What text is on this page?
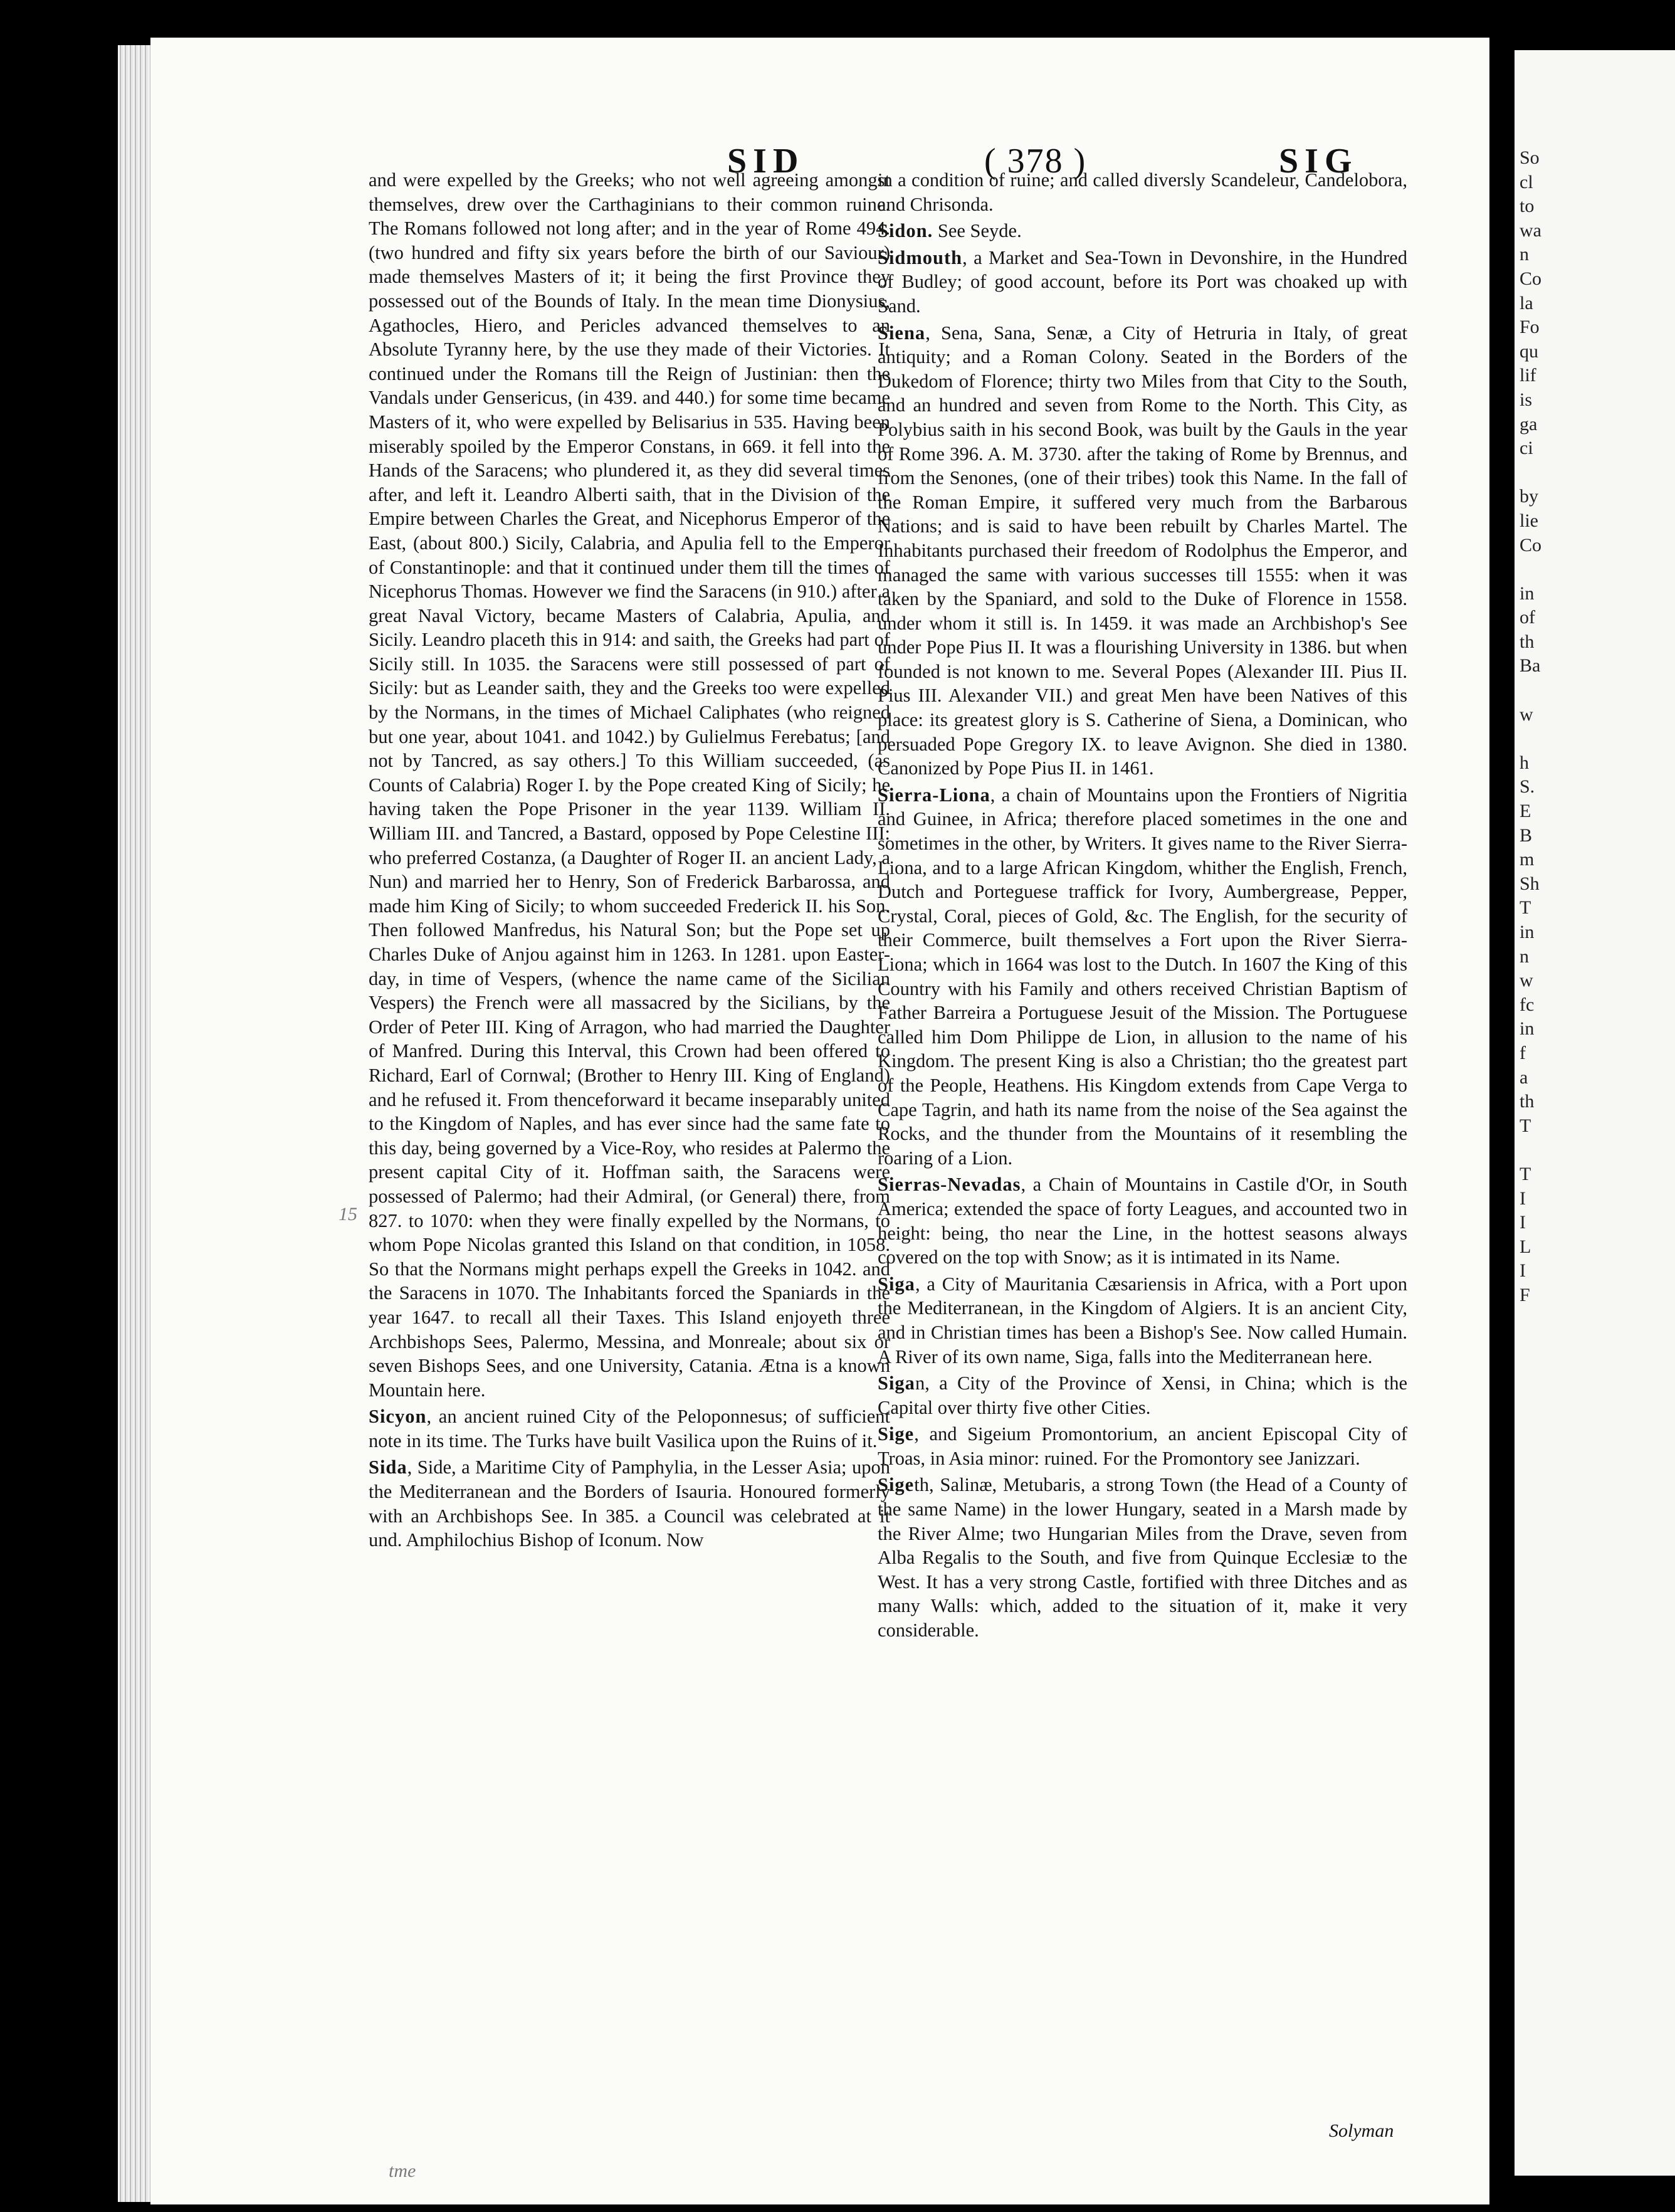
SID	( 378 )	SIG

and were expelled by the Greeks; who not well agreeing amongst themselves, drew over the Carthaginians to their common ruine. The Romans followed not long after; and in the year of Rome 494. (two hundred and fifty six years before the birth of our Saviour) made themselves Masters of it; it being the first Province they possessed out of the Bounds of Italy. In the mean time Dionysius, Agathocles, Hiero, and Pericles advanced themselves to an Absolute Tyranny here, by the use they made of their Victories. It continued under the Romans till the Reign of Justinian: then the Vandals under Gensericus, (in 439. and 440.) for some time became Masters of it, who were expelled by Belisarius in 535. Having been miserably spoiled by the Emperor Constans, in 669. it fell into the Hands of the Saracens; who plundered it, as they did several times after, and left it. Leandro Alberti saith, that in the Division of the Empire between Charles the Great, and Nicephorus Emperor of the East, (about 800.) Sicily, Calabria, and Apulia fell to the Emperor of Constantinople: and that it continued under them till the times of Nicephorus Thomas. However we find the Saracens (in 910.) after a great Naval Victory, became Masters of Calabria, Apulia, and Sicily. Leandro placeth this in 914: and saith, the Greeks had part of Sicily still. In 1035. the Saracens were still possessed of part of Sicily: but as Leander saith, they and the Greeks too were expelled by the Normans, in the times of Michael Caliphates (who reigned but one year, about 1041. and 1042.) by Gulielmus Ferebatus; [and not by Tancred, as say others.] To this William succeeded, (as Counts of Calabria) Roger I. by the Pope created King of Sicily; he having taken the Pope Prisoner in the year 1139. William II. William III. and Tancred, a Bastard, opposed by Pope Celestine III: who preferred Costanza, (a Daughter of Roger II. an ancient Lady, a Nun) and married her to Henry, Son of Frederick Barbarossa, and made him King of Sicily; to whom succeeded Frederick II. his Son. Then followed Manfredus, his Natural Son; but the Pope set up Charles Duke of Anjou against him in 1263. In 1281. upon Easter-day, in time of Vespers, (whence the name came of the Sicilian Vespers) the French were all massacred by the Sicilians, by the Order of Peter III. King of Arragon, who had married the Daughter of Manfred. During this Interval, this Crown had been offered to Richard, Earl of Cornwal; (Brother to Henry III. King of England) and he refused it. From thenceforward it became inseparably united to the Kingdom of Naples, and has ever since had the same fate to this day, being governed by a Vice-Roy, who resides at Palermo the present capital City of it. Hoffman saith, the Saracens were possessed of Palermo; had their Admiral, (or General) there, from 827. to 1070: when they were finally expelled by the Normans, to whom Pope Nicolas granted this Island on that condition, in 1058. So that the Normans might perhaps expell the Greeks in 1042. and the Saracens in 1070. The Inhabitants forced the Spaniards in the year 1647. to recall all their Taxes. This Island enjoyeth three Archbishops Sees, Palermo, Messina, and Monreale; about six or seven Bishops Sees, and one University, Catania. Ætna is a known Mountain here.

Sicyon, an ancient ruined City of the Peloponnesus; of sufficient note in its time. The Turks have built Vasilica upon the Ruins of it.

Sida, Side, a Maritime City of Pamphylia, in the Lesser Asia; upon the Mediterranean and the Borders of Isauria. Honoured formerly with an Archbishops See. In 385. a Council was celebrated at it und. Amphilochius Bishop of Iconum. Now

in a condition of ruine; and called diversly Scandeleur, Candelobora, and Chrisonda.

Sidon. See Seyde.

Sidmouth, a Market and Sea-Town in Devonshire, in the Hundred of Budley; of good account, before its Port was choaked up with Sand.

Siena, Sena, Sana, Senæ, a City of Hetruria in Italy, of great antiquity; and a Roman Colony. Seated in the Borders of the Dukedom of Florence; thirty two Miles from that City to the South, and an hundred and seven from Rome to the North. This City, as Polybius saith in his second Book, was built by the Gauls in the year of Rome 396. A. M. 3730. after the taking of Rome by Brennus, and from the Senones, (one of their tribes) took this Name. In the fall of the Roman Empire, it suffered very much from the Barbarous Nations; and is said to have been rebuilt by Charles Martel. The Inhabitants purchased their freedom of Rodolphus the Emperor, and managed the same with various successes till 1555: when it was taken by the Spaniard, and sold to the Duke of Florence in 1558. under whom it still is. In 1459. it was made an Archbishop's See under Pope Pius II. It was a flourishing University in 1386. but when founded is not known to me. Several Popes (Alexander III. Pius II. Pius III. Alexander VII.) and great Men have been Natives of this place: its greatest glory is S. Catherine of Siena, a Dominican, who persuaded Pope Gregory IX. to leave Avignon. She died in 1380. Canonized by Pope Pius II. in 1461.

Sierra-Liona, a chain of Mountains upon the Frontiers of Nigritia and Guinee, in Africa; therefore placed sometimes in the one and sometimes in the other, by Writers. It gives name to the River Sierra-Liona, and to a large African Kingdom, whither the English, French, Dutch and Porteguese traffick for Ivory, Aumbergrease, Pepper, Crystal, Coral, pieces of Gold, &c. The English, for the security of their Commerce, built themselves a Fort upon the River Sierra-Liona; which in 1664 was lost to the Dutch. In 1607 the King of this Country with his Family and others received Christian Baptism of Father Barreira a Portuguese Jesuit of the Mission. The Portuguese called him Dom Philippe de Lion, in allusion to the name of his Kingdom. The present King is also a Christian; tho the greatest part of the People, Heathens. His Kingdom extends from Cape Verga to Cape Tagrin, and hath its name from the noise of the Sea against the Rocks, and the thunder from the Mountains of it resembling the roaring of a Lion.

Sierras-Nevadas, a Chain of Mountains in Castile d'Or, in South America; extended the space of forty Leagues, and accounted two in height: being, tho near the Line, in the hottest seasons always covered on the top with Snow; as it is intimated in its Name.

Siga, a City of Mauritania Cæsariensis in Africa, with a Port upon the Mediterranean, in the Kingdom of Algiers. It is an ancient City, and in Christian times has been a Bishop's See. Now called Humain. A River of its own name, Siga, falls into the Mediterranean here.

Sigan, a City of the Province of Xensi, in China; which is the Capital over thirty five other Cities.

Sige, and Sigeium Promontorium, an ancient Episcopal City of Troas, in Asia minor: ruined. For the Promontory see Janizzari.

Sigeth, Salinæ, Metubaris, a strong Town (the Head of a County of the same Name) in the lower Hungary, seated in a Marsh made by the River Alme; two Hungarian Miles from the Drave, seven from Alba Regalis to the South, and five from Quinque Ecclesiæ to the West. It has a very strong Castle, fortified with three Ditches and as many Walls: which, added to the situation of it, make it very considerable.

Solyman
tme
15
So
cl
to
wa
n
Co
la
Fo
qu
lif
is
ga
ci
by
lie
Co
in
of
th
Ba
w
h
S.
E
B
m
Sh
T
in
n
w
fc
in
f
a
th
T
T
I
I
L
I
F
